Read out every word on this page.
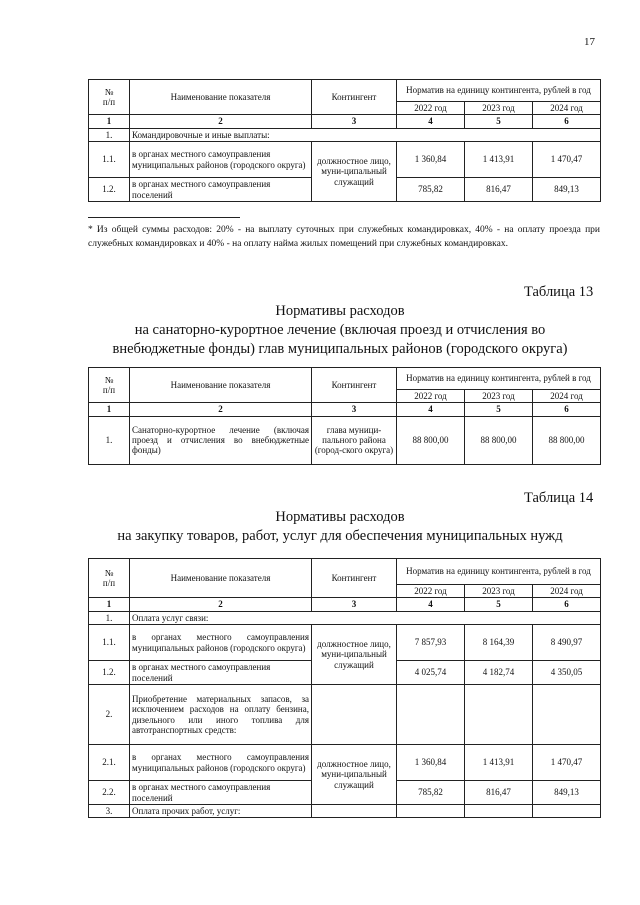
17
№
п/п	Наименование показателя	Контингент	Норматив на единицу контингента, рублей в год		
			2022 год	2023 год	2024 год
1	2	3	4	5	6
1.	Командировочные и иные выплаты:				
1.1.	в органах местного самоуправления муниципальных районов (городского округа)	должностное лицо, муни-ципальный служащий	1 360,84	1 413,91	1 470,47
1.2.	в органах местного самоуправления поселений		785,82	816,47	849,13
* Из общей суммы расходов: 20% - на выплату суточных при служебных командировках, 40% - на оплату проезда при служебных командировках и 40% - на оплату найма жилых помещений при служебных командировках.
Таблица 13
Нормативы расходов
на санаторно-курортное лечение (включая проезд и отчисления во
внебюджетные фонды) глав муниципальных районов (городского округа)
№
п/п	Наименование показателя	Контингент	Норматив на единицу контингента, рублей в год		
			2022 год	2023 год	2024 год
1	2	3	4	5	6
1.	Санаторно-курортное лечение (включая проезд и отчисления во внебюджетные фонды)	глава муници-пального района (город-ского округа)	88 800,00	88 800,00	88 800,00
Таблица 14
Нормативы расходов
на закупку товаров, работ, услуг для обеспечения муниципальных нужд
№
п/п	Наименование показателя	Контингент	Норматив на единицу контингента, рублей в год		
			2022 год	2023 год	2024 год
1	2	3	4	5	6
1.	Оплата услуг связи:				
1.1.	в органах местного самоуправления муниципальных районов (городского округа)	должностное лицо, муни-ципальный служащий	7 857,93	8 164,39	8 490,97
1.2.	в органах местного самоуправления поселений		4 025,74	4 182,74	4 350,05
2.	Приобретение материальных запасов, за исключением расходов на оплату бензина, дизельного или иного топлива для автотранспортных средств:				
2.1.	в органах местного самоуправления муниципальных районов (городского округа)	должностное лицо, муни-ципальный служащий	1 360,84	1 413,91	1 470,47
2.2.	в органах местного самоуправления поселений		785,82	816,47	849,13
3.	Оплата прочих работ, услуг:				
